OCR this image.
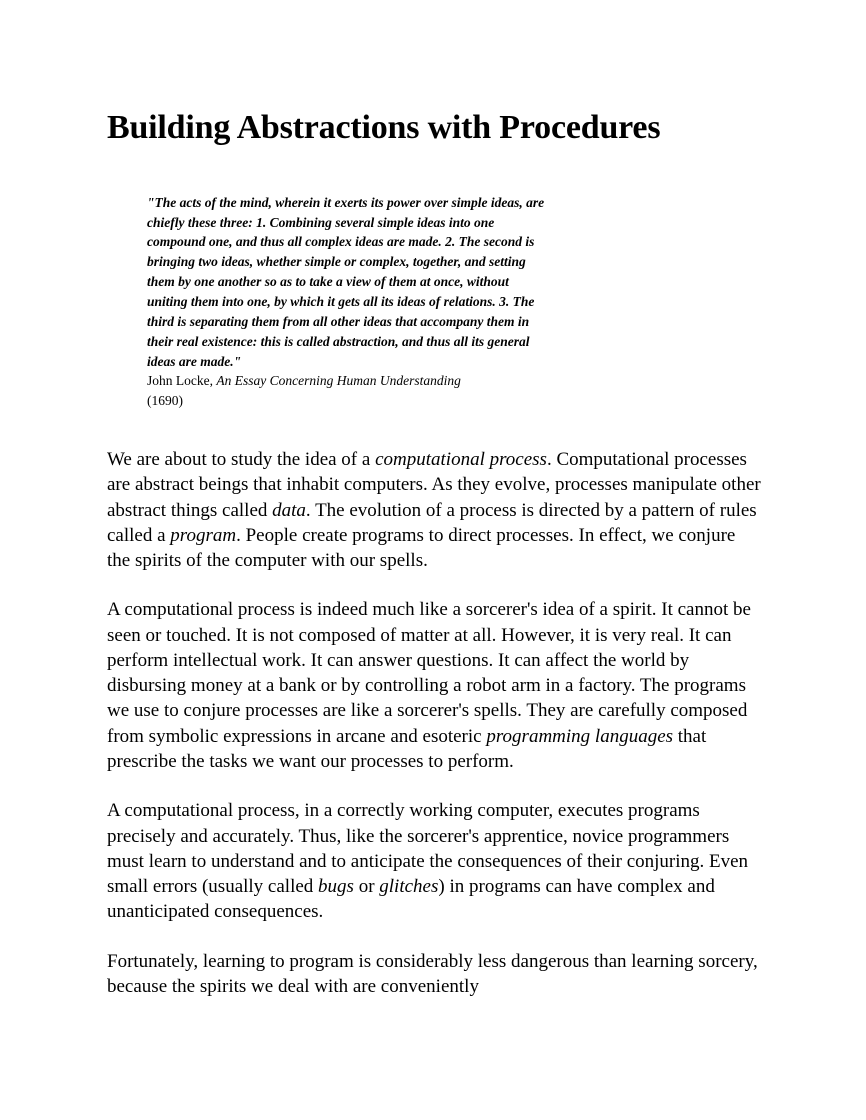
Building Abstractions with Procedures

"The acts of the mind, wherein it exerts its power over simple ideas, are chiefly these three: 1. Combining several simple ideas into one compound one, and thus all complex ideas are made. 2. The second is bringing two ideas, whether simple or complex, together, and setting them by one another so as to take a view of them at once, without uniting them into one, by which it gets all its ideas of relations. 3. The third is separating them from all other ideas that accompany them in their real existence: this is called abstraction, and thus all its general ideas are made."

John Locke, An Essay Concerning Human Understanding

(1690)

We are about to study the idea of a computational process. Computational processes are abstract beings that inhabit computers. As they evolve, processes manipulate other abstract things called data. The evolution of a process is directed by a pattern of rules called a program. People create programs to direct processes. In effect, we conjure the spirits of the computer with our spells.

A computational process is indeed much like a sorcerer's idea of a spirit. It cannot be seen or touched. It is not composed of matter at all. However, it is very real. It can perform intellectual work. It can answer questions. It can affect the world by disbursing money at a bank or by controlling a robot arm in a factory. The programs we use to conjure processes are like a sorcerer's spells. They are carefully composed from symbolic expressions in arcane and esoteric programming languages that prescribe the tasks we want our processes to perform.

A computational process, in a correctly working computer, executes programs precisely and accurately. Thus, like the sorcerer's apprentice, novice programmers must learn to understand and to anticipate the consequences of their conjuring. Even small errors (usually called bugs or glitches) in programs can have complex and unanticipated consequences.

Fortunately, learning to program is considerably less dangerous than learning sorcery, because the spirits we deal with are conveniently
